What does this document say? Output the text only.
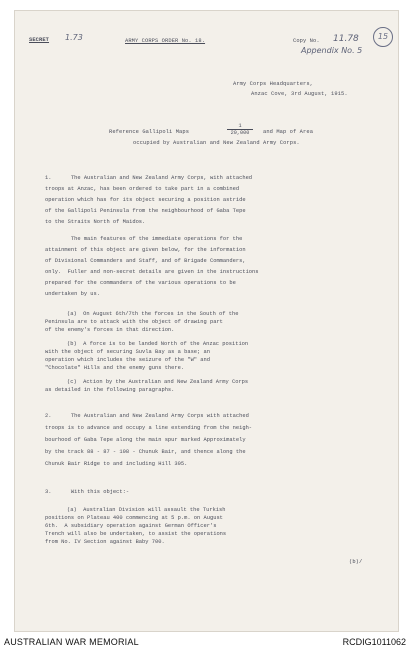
SECRET 1.73	ARMY CORPS ORDER No. 18.	Copy No. 11.78
Appendix No. 5
15
Army Corps Headquarters,
Anzac Cove, 3rd August, 1915.
Reference Gallipoli Maps	$\frac{1}{20,000}$ and Map of Area
occupied by Australian and New Zealand Army Corps.
1.      The Australian and New Zealand Army Corps, with attached
troops at Anzac, has been ordered to take part in a combined
operation which has for its object securing a position astride
of the Gallipoli Peninsula from the neighbourhood of Gaba Tepe
to the Straits North of Maidos.
The main features of the immediate operations for the
attainment of this object are given below, for the information
of Divisional Commanders and Staff, and of Brigade Commanders,
only.  Fuller and non-secret details are given in the instructions
prepared for the commanders of the various operations to be
undertaken by us.
(a)  On August 6th/7th the forces in the South of the
Peninsula are to attack with the object of drawing part
of the enemy's forces in that direction.
(b)  A force is to be landed North of the Anzac position
with the object of securing Suvla Bay as a base; an
operation which includes the seizure of the "W" and
"Chocolate" Hills and the enemy guns there.
(c)  Action by the Australian and New Zealand Army Corps
as detailed in the following paragraphs.
2.      The Australian and New Zealand Army Corps with attached
troops is to advance and occupy a line extending from the neigh-
bourhood of Gaba Tepe along the main spur marked Approximately
by the track 88 - 87 - 108 - Chunuk Bair, and thence along the
Chunuk Bair Ridge to and including Hill 305.
3.      With this object:-
(a)  Australian Division will assault the Turkish
positions on Plateau 400 commencing at 5 p.m. on August
6th.  A subsidiary operation against German Officer's
Trench will also be undertaken, to assist the operations
from No. IV Section against Baby 700.
(b)/
AUSTRALIAN WAR MEMORIAL	RCDIG1011062
